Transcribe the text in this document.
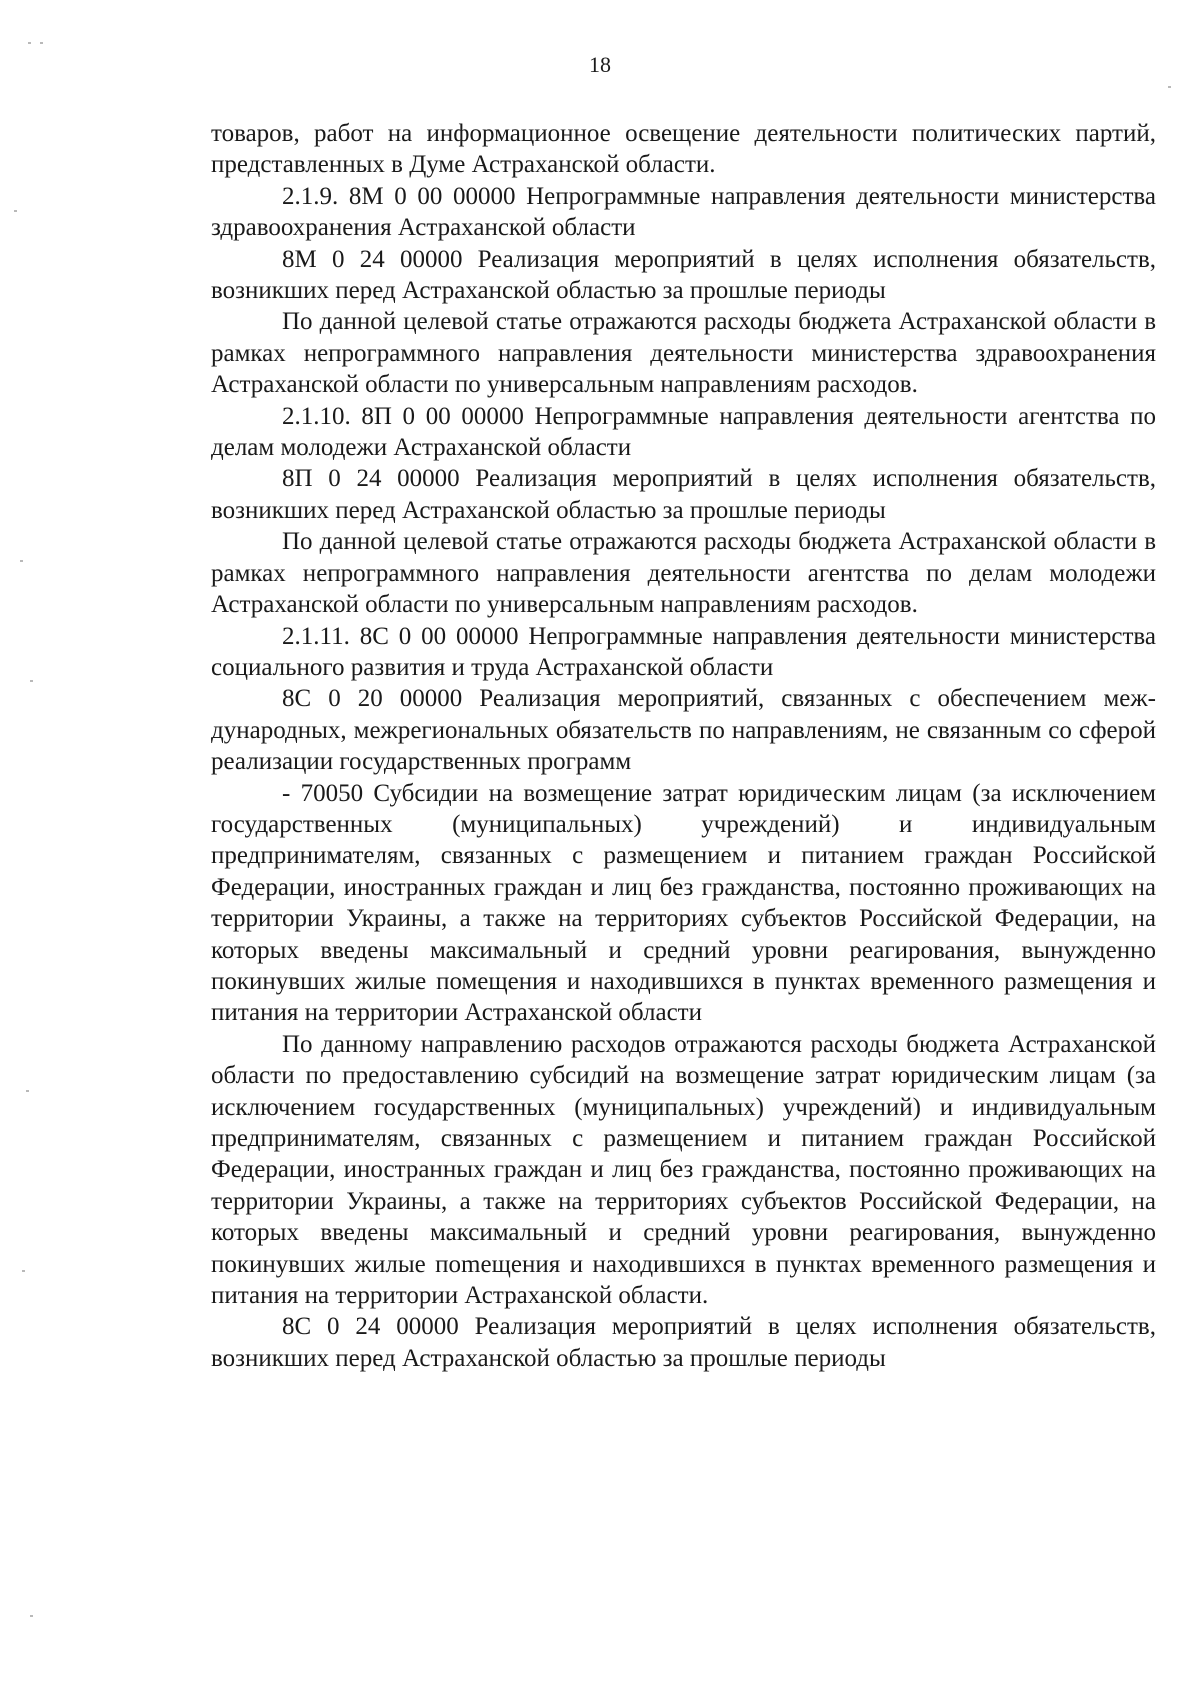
18

товаров, работ на информационное освещение деятельности политических партий, представленных в Думе Астраханской области.

2.1.9. 8М 0 00 00000 Непрограммные направления деятельности министерства здравоохранения Астраханской области

8М 0 24 00000 Реализация мероприятий в целях исполнения обязательств, возникших перед Астраханской областью за прошлые периоды

По данной целевой статье отражаются расходы бюджета Астраханской области в рамках непрограммного направления деятельности министерства здравоохранения Астраханской области по универсальным направлениям расходов.

2.1.10. 8П 0 00 00000 Непрограммные направления деятельности агентства по делам молодежи Астраханской области

8П 0 24 00000 Реализация мероприятий в целях исполнения обязательств, возникших перед Астраханской областью за прошлые периоды

По данной целевой статье отражаются расходы бюджета Астраханской области в рамках непрограммного направления деятельности агентства по делам молодежи Астраханской области по универсальным направлениям расходов.

2.1.11. 8С 0 00 00000 Непрограммные направления деятельности министерства социального развития и труда Астраханской области

8С 0 20 00000 Реализация мероприятий, связанных с обеспечением международных, межрегиональных обязательств по направлениям, не связанным со сферой реализации государственных программ

- 70050 Субсидии на возмещение затрат юридическим лицам (за исключением государственных (муниципальных) учреждений) и индивидуальным предпринимателям, связанных с размещением и питанием граждан Российской Федерации, иностранных граждан и лиц без гражданства, постоянно проживающих на территории Украины, а также на территориях субъектов Российской Федерации, на которых введены максимальный и средний уровни реагирования, вынужденно покинувших жилые помещения и находившихся в пунктах временного размещения и питания на территории Астраханской области

По данному направлению расходов отражаются расходы бюджета Астраханской области по предоставлению субсидий на возмещение затрат юридическим лицам (за исключением государственных (муниципальных) учреждений) и индивидуальным предпринимателям, связанных с размещением и питанием граждан Российской Федерации, иностранных граждан и лиц без гражданства, постоянно проживающих на территории Украины, а также на территориях субъектов Российской Федерации, на которых введены максимальный и средний уровни реагирования, вынужденно покинувших жилые поmещения и находившихся в пунктах временного размещения и питания на территории Астраханской области.

8С 0 24 00000 Реализация мероприятий в целях исполнения обязательств, возникших перед Астраханской областью за прошлые периоды
